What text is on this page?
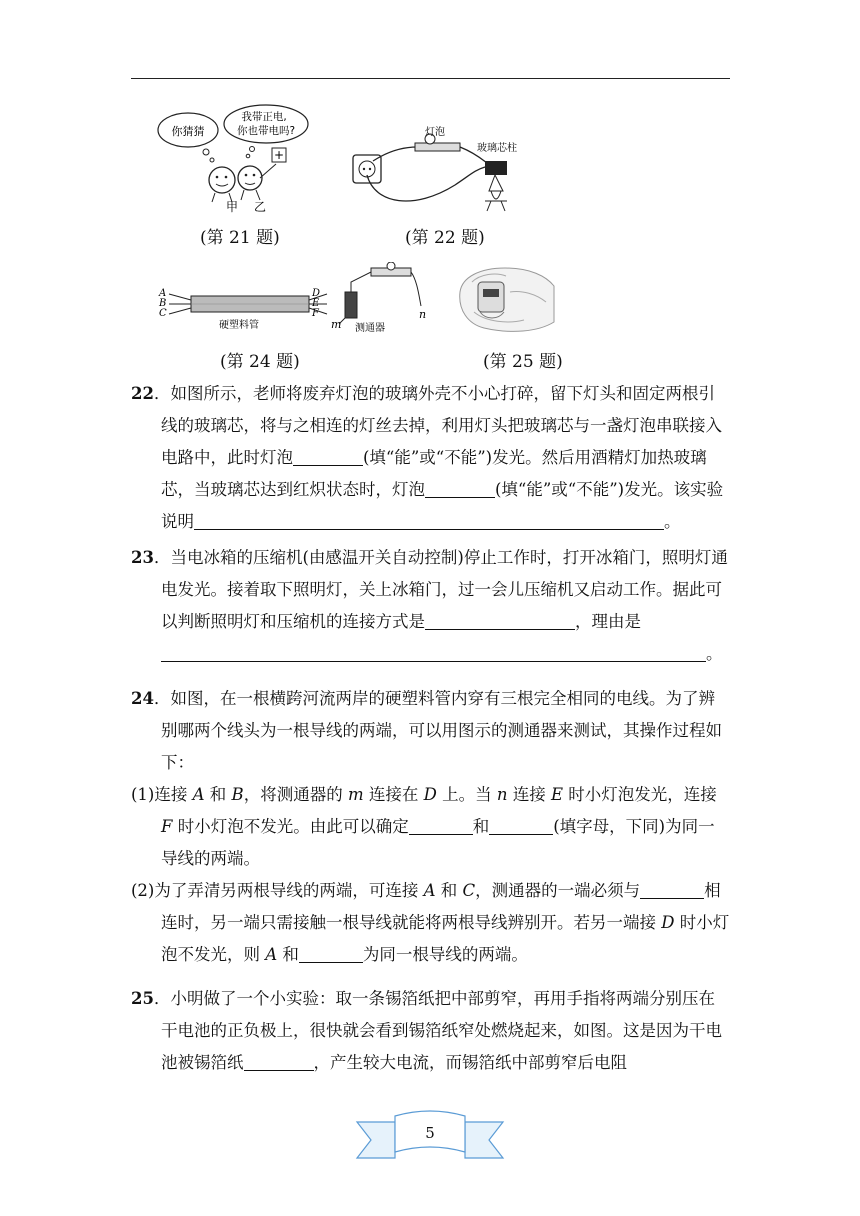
你猜猜
我带正电,
你也带电吗?
+
甲 乙
(第 21 题)
灯泡
玻璃芯柱
(第 22 题)
A
B
C
D
E
F
硬塑料管	m
n
测通器
(第 24 题)	(第 25 题)

22．如图所示，老师将废弃灯泡的玻璃外壳不小心打碎，留下灯头和固定两根引线的玻璃芯，将与之相连的灯丝去掉，利用灯头把玻璃芯与一盏灯泡串联接入电路中，此时灯泡	(填“能”或“不能”)发光。然后用酒精灯加热玻璃芯，当玻璃芯达到红炽状态时，灯泡	(填“能”或“不能”)发光。该实验说明	。

23．当电冰箱的压缩机(由感温开关自动控制)停止工作时，打开冰箱门，照明灯通电发光。接着取下照明灯，关上冰箱门，过一会儿压缩机又启动工作。据此可以判断照明灯和压缩机的连接方式是	，理由是。

24．如图，在一根横跨河流两岸的硬塑料管内穿有三根完全相同的电线。为了辨别哪两个线头为一根导线的两端，可以用图示的测通器来测试，其操作过程如下：

(1)连接 A 和 B，将测通器的 m 连接在 D 上。当 n 连接 E 时小灯泡发光，连接 F 时小灯泡不发光。由此可以确定	和	(填字母，下同)为同一导线的两端。

(2)为了弄清另两根导线的两端，可连接 A 和 C，测通器的一端必须与	相连时，另一端只需接触一根导线就能将两根导线辨别开。若另一端接 D 时小灯泡不发光，则 A 和	为同一根导线的两端。

25．小明做了一个小实验：取一条锡箔纸把中部剪窄，再用手指将两端分别压在干电池的正负极上，很快就会看到锡箔纸窄处燃烧起来，如图。这是因为干电池被锡箔纸	，产生较大电流，而锡箔纸中部剪窄后电阻

5
